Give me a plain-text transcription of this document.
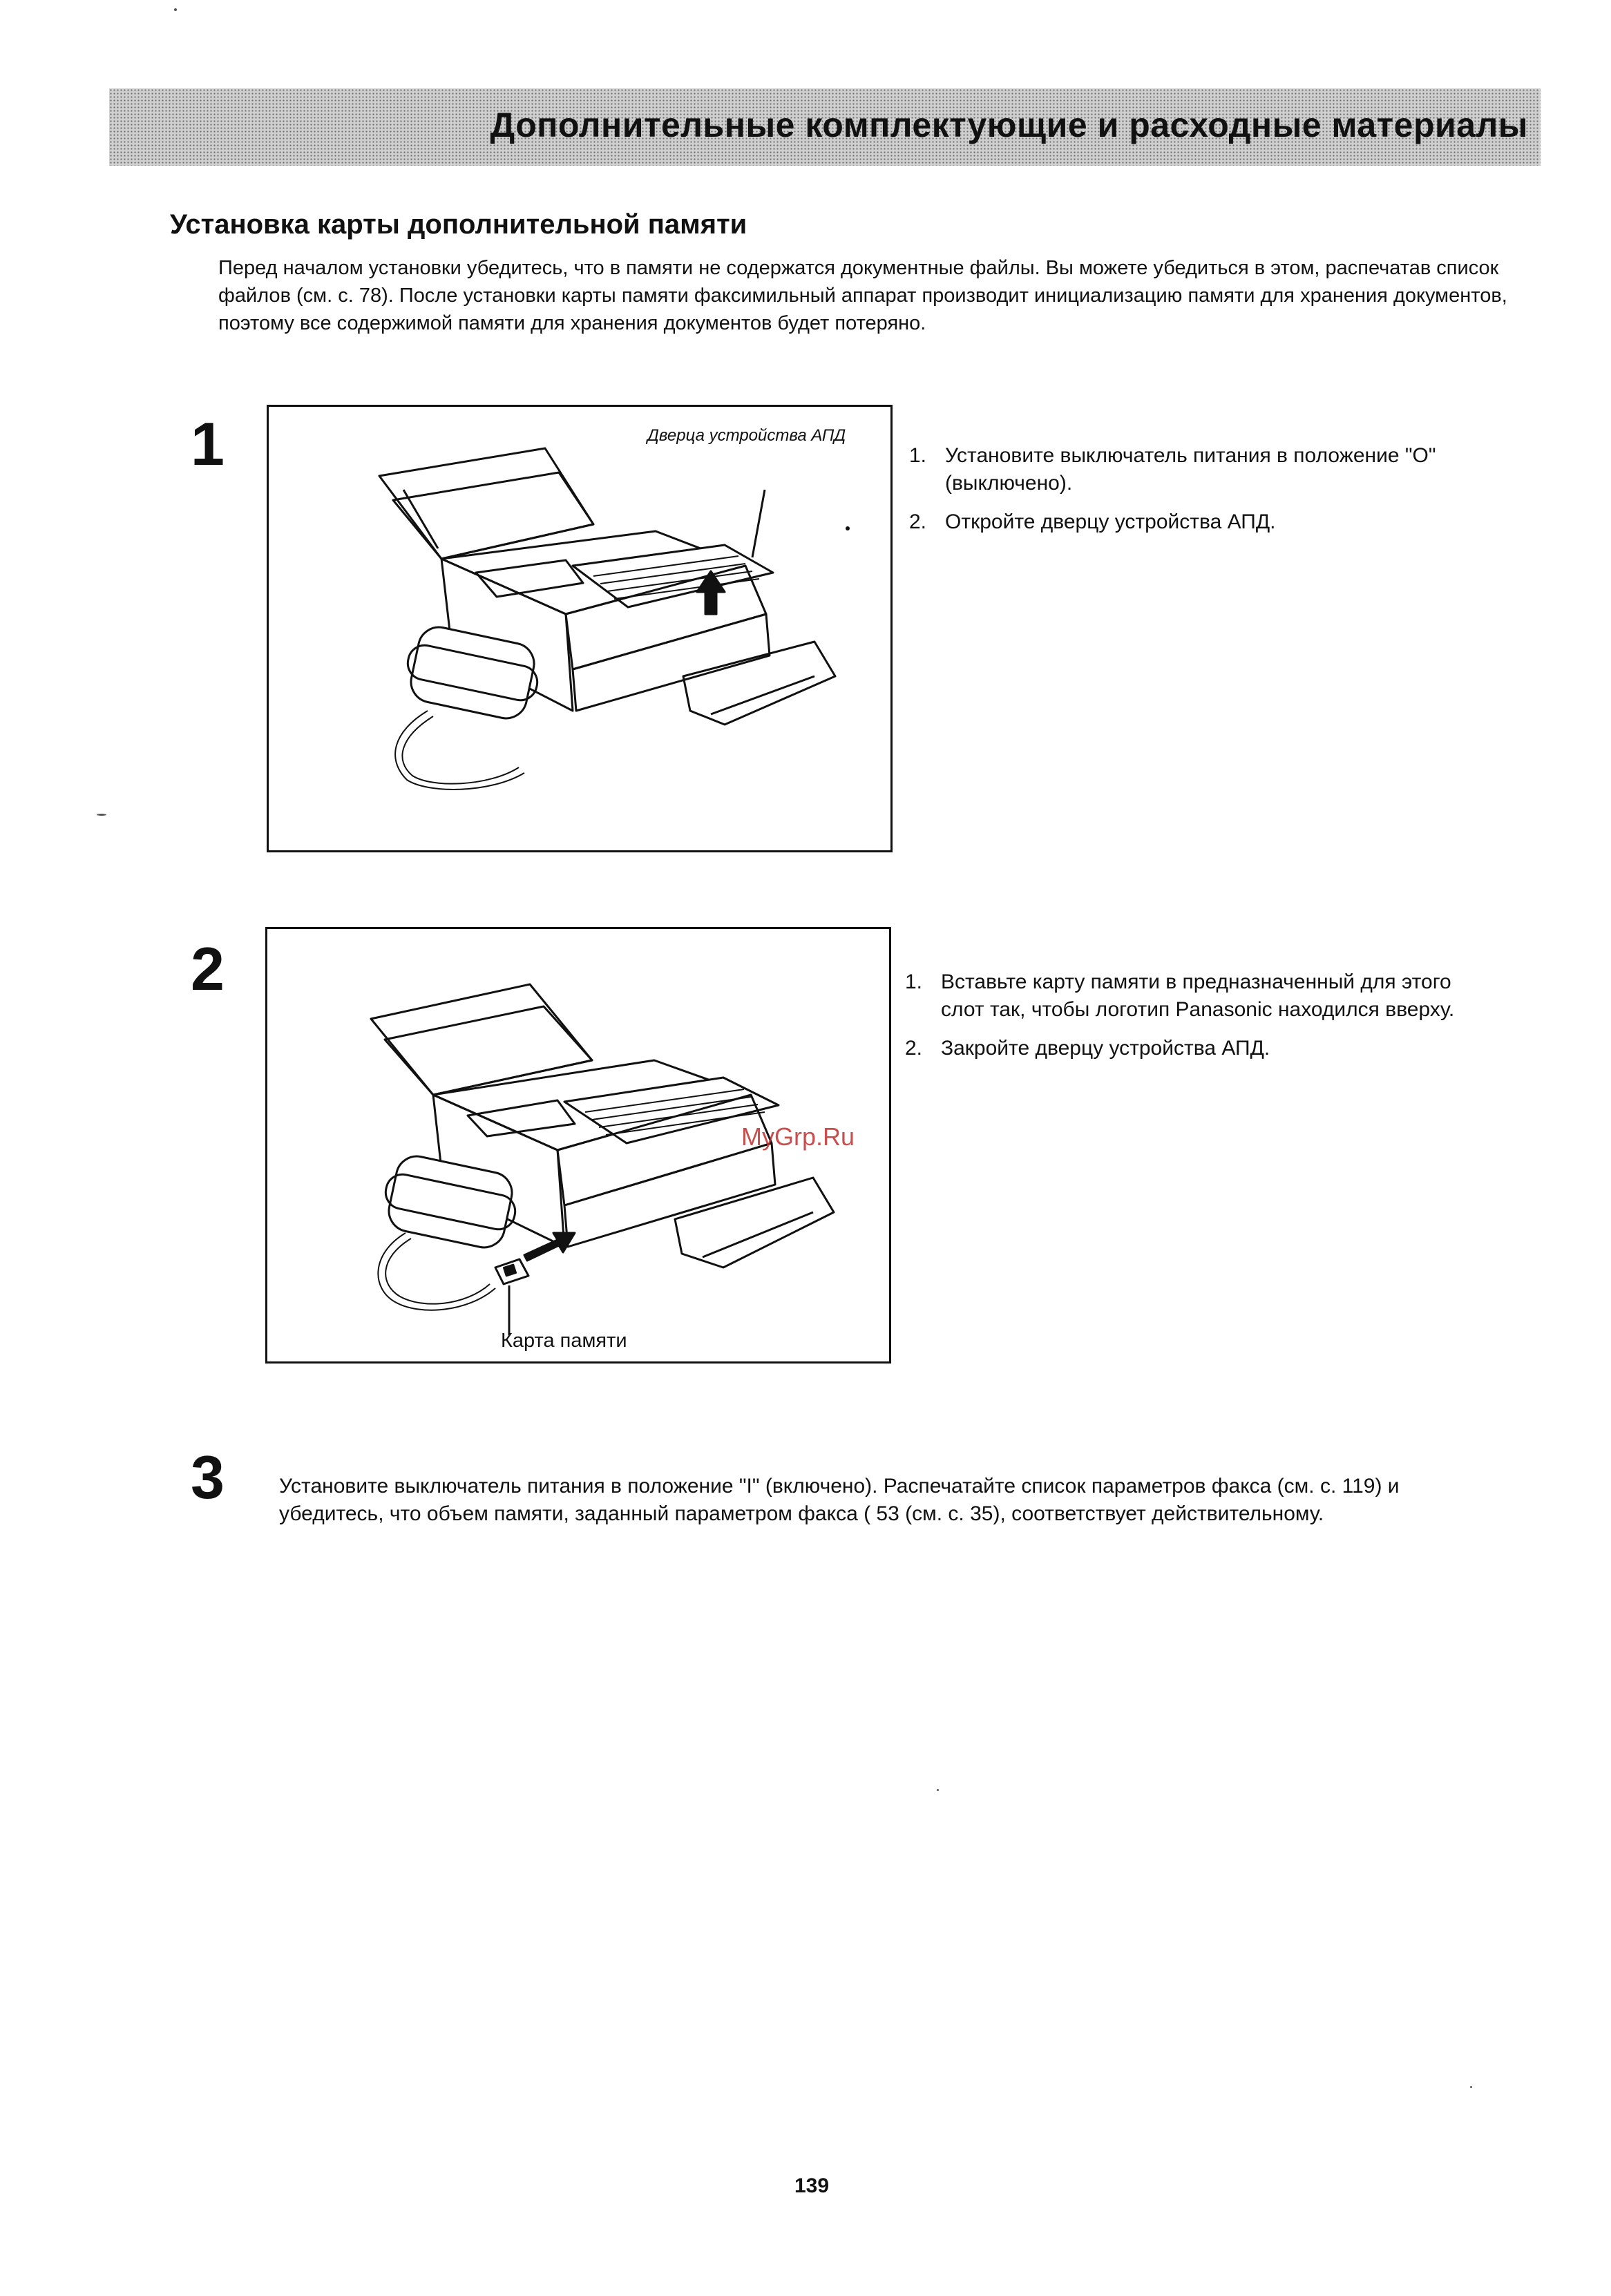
Дополнительные комплектующие и расходные материалы
Установка карты дополнительной памяти
Перед началом установки убедитесь, что в памяти не содержатся документные файлы. Вы можете убедиться в этом, распечатав список файлов (см. с. 78). После установки карты памяти факсимильный аппарат производит инициализацию памяти для хранения документов, поэтому все содержимой памяти для хранения документов будет потеряно.
1	Дверца устройства АПД
1. Установите выключатель питания в положение "O" (выключено).
2. Откройте дверцу устройства АПД.
2
MyGrp.Ru
Карта памяти
1. Вставьте карту памяти в предназначенный для этого слот так, чтобы логотип Panasonic находился вверху.
2. Закройте дверцу устройства АПД.
3	Установите выключатель питания в положение "I" (включено). Распечатайте список параметров факса (см. с. 119) и убедитесь, что объем памяти, заданный параметром факса ( 53 (см. с. 35), соответствует действительному.
139
